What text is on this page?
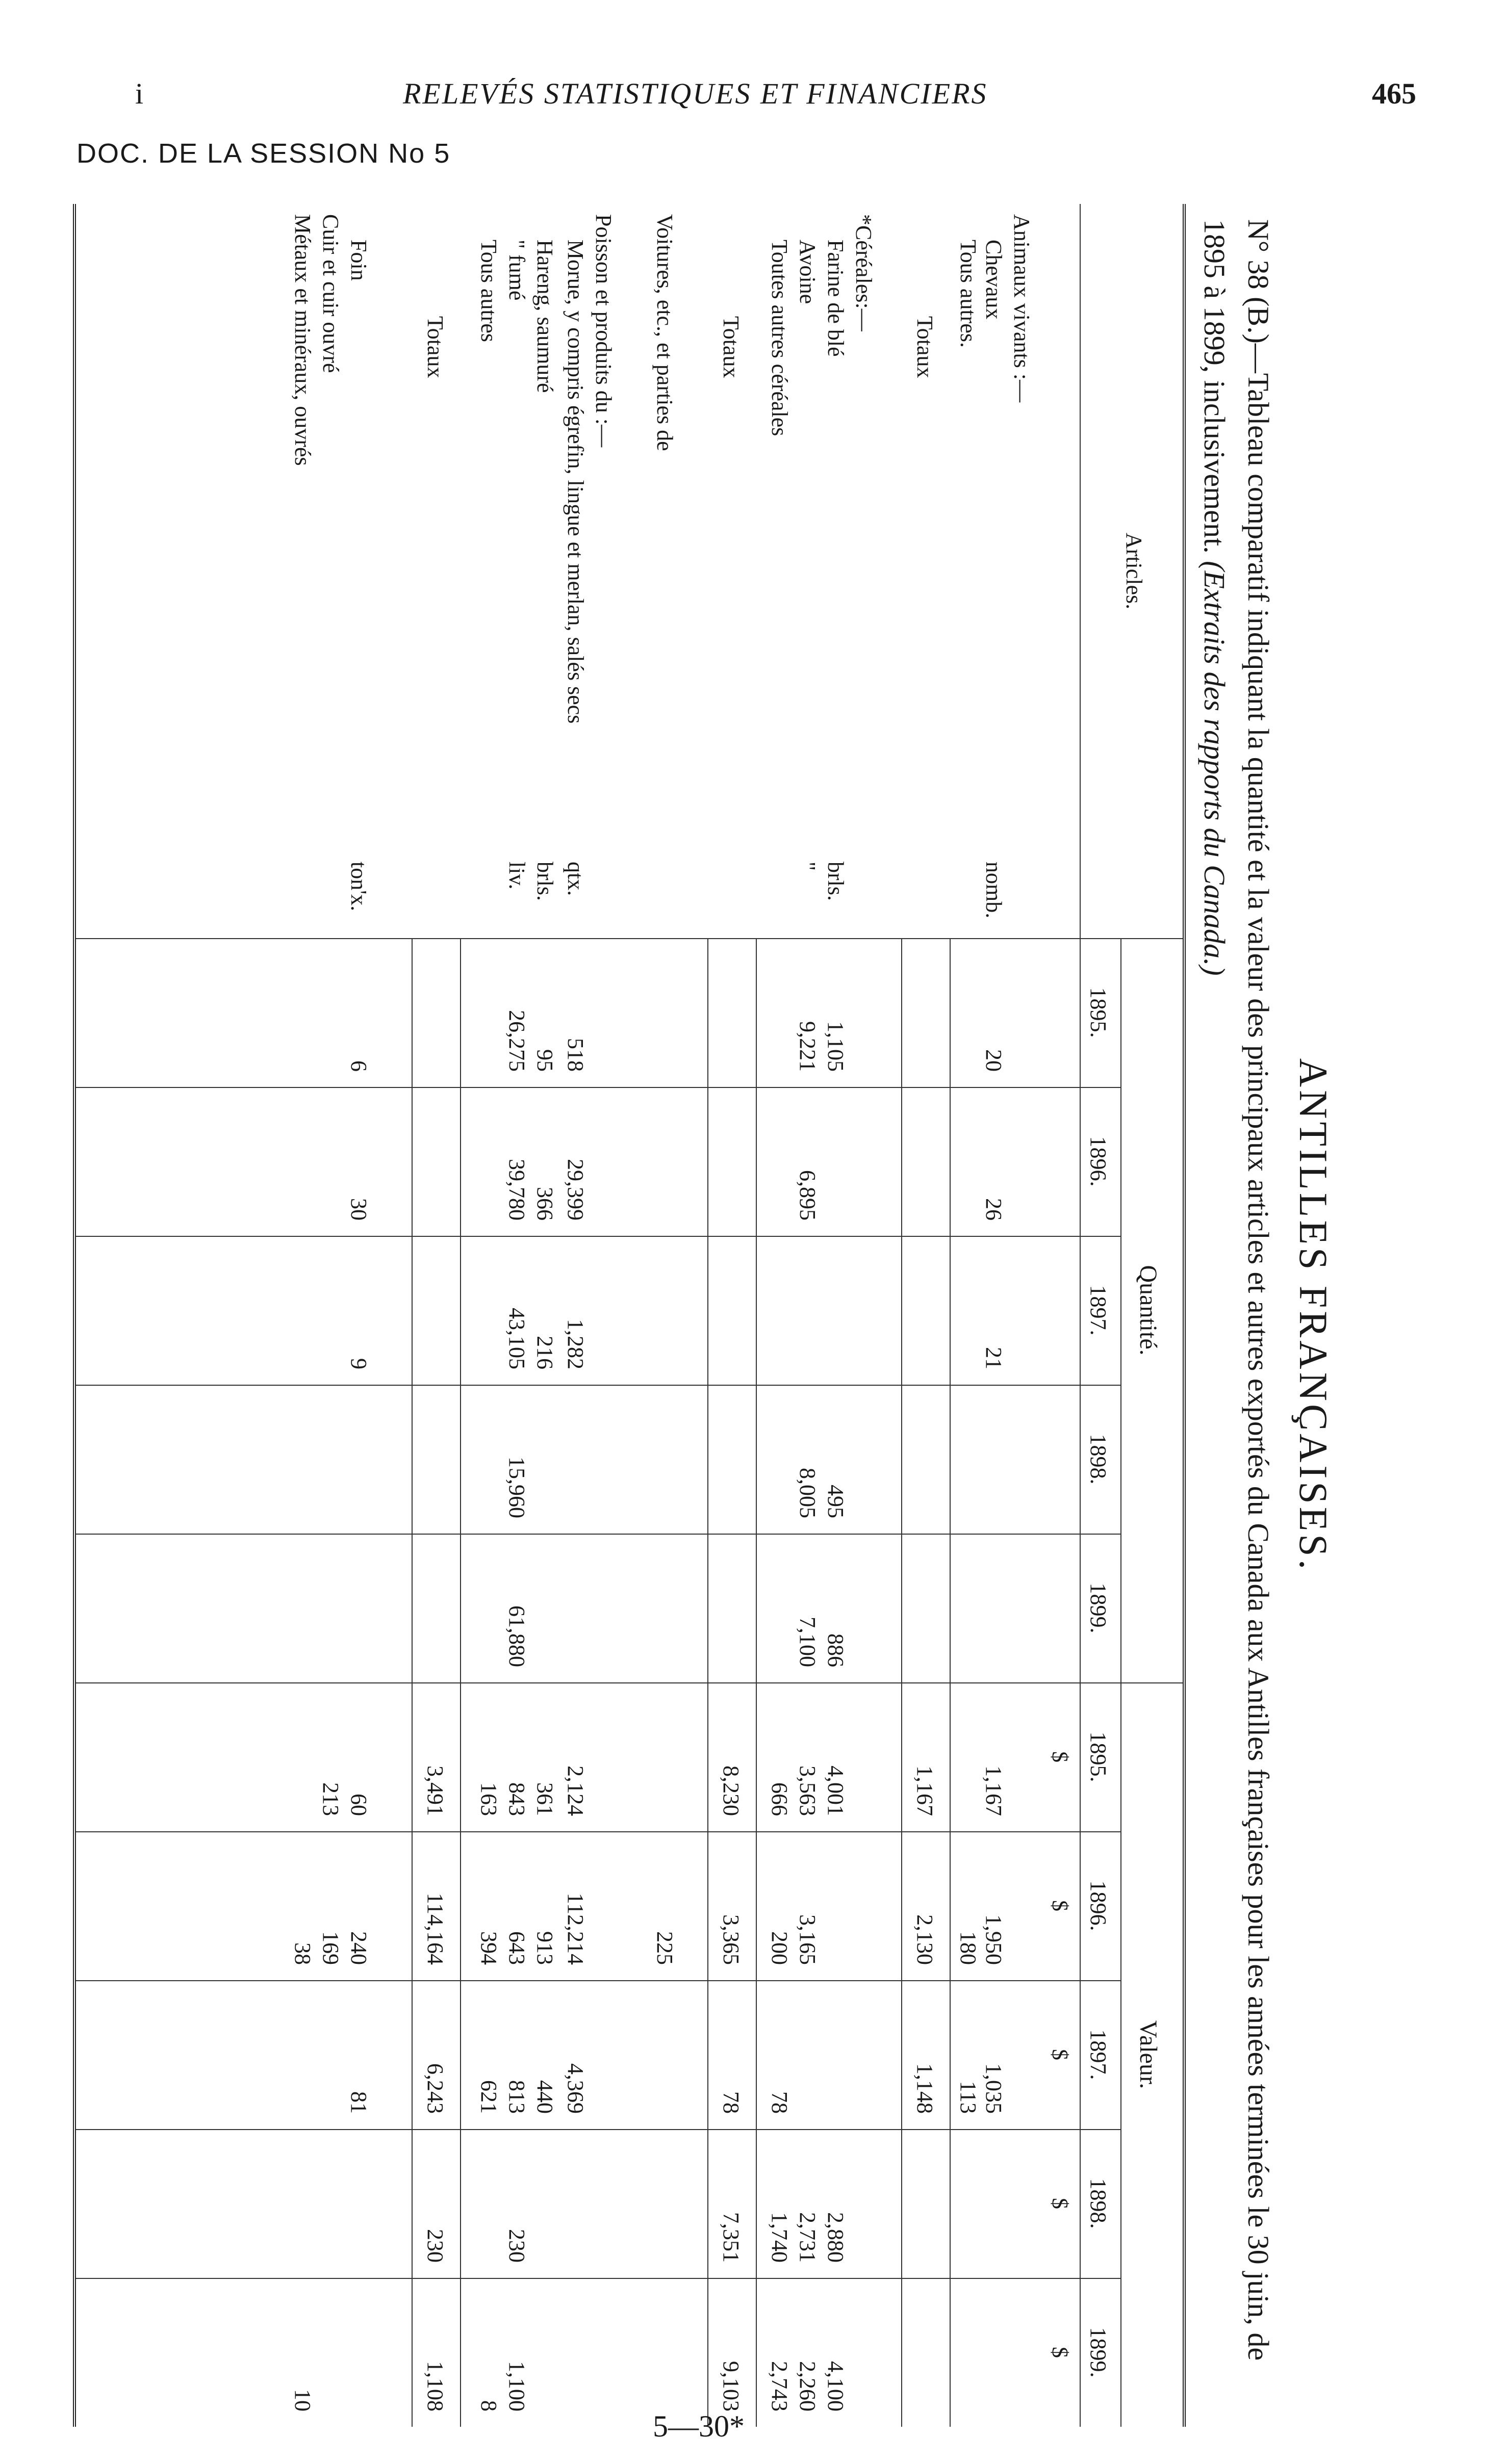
i	RELEVÉS STATISTIQUES ET FINANCIERS	465
DOC. DE LA SESSION No 5
ANTILLES FRANÇAISES.
N° 38 (B.)—Tableau comparatif indiquant la quantité et la valeur des principaux articles et autres exportés du Canada aux Antilles françaises pour les années terminées le 30 juin, de 1895 à 1899, inclusivement. (Extraits des rapports du Canada.)
Articles.
Quantité.
Valeur.
1895.
1896.
1897.
1898.
1899.
1895.
$
1896.
$
1897.
$
1898.
$
1899.
$
Animaux vivants :—
Chevaux
nomb.
20
1,167
26
1,950
21
1,035
Tous autres.
180
113
Totaux
1,167
2,130
1,148
*Céréales:—
Farine de blé
brls.
1,105
4,001
495
2,880
886
4,100
Avoine
"
9,221
3,563
6,895
3,165
8,005
2,731
7,100
2,260
Toutes autres céréales
666
200
78
1,740
2,743
Totaux
8,230
3,365
78
7,351
9,103
Voitures, etc., et parties de
225
Poisson et produits du :—
Morue, y compris égrefin, lingue et merlan, salés secs
qtx.
518
2,124
29,399
112,214
1,282
4,369
Hareng, saumuré
brls.
95
361
366
913
216
440
" fumé
liv.
26,275
843
39,780
643
43,105
813
15,960
230
61,880
1,100
Tous autres
163
394
621
8
Totaux
3,491
114,164
6,243
230
1,108
Foin
ton'x.
6
60
30
240
9
81
Cuir et cuir ouvré
213
169
Métaux et minéraux, ouvrés
38
10
5—30*
